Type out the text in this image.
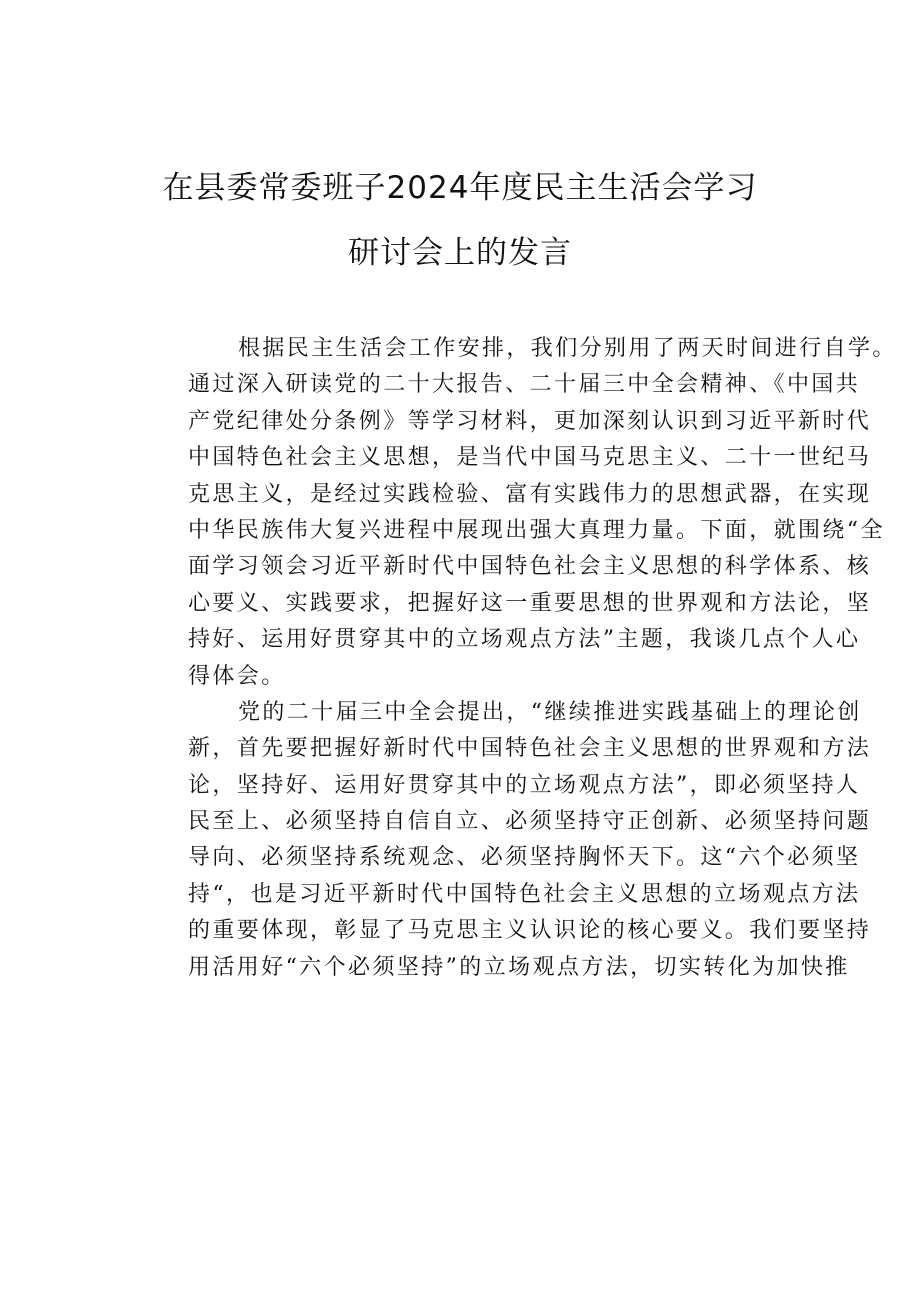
在县委常委班子2024年度民主生活会学习
研讨会上的发言
根据民主生活会工作安排，我们分别用了两天时间进行自学。
通过深入研读党的二十大报告、二十届三中全会精神、《中国共
产党纪律处分条例》等学习材料，更加深刻认识到习近平新时代
中国特色社会主义思想，是当代中国马克思主义、二十一世纪马
克思主义，是经过实践检验、富有实践伟力的思想武器，在实现
中华民族伟大复兴进程中展现出强大真理力量。下面，就围绕“全
面学习领会习近平新时代中国特色社会主义思想的科学体系、核
心要义、实践要求，把握好这一重要思想的世界观和方法论，坚
持好、运用好贯穿其中的立场观点方法”主题，我谈几点个人心
得体会。
党的二十届三中全会提出，“继续推进实践基础上的理论创
新，首先要把握好新时代中国特色社会主义思想的世界观和方法
论，坚持好、运用好贯穿其中的立场观点方法”，即必须坚持人
民至上、必须坚持自信自立、必须坚持守正创新、必须坚持问题
导向、必须坚持系统观念、必须坚持胸怀天下。这“六个必须坚
持“，也是习近平新时代中国特色社会主义思想的立场观点方法
的重要体现，彰显了马克思主义认识论的核心要义。我们要坚持
用活用好“六个必须坚持”的立场观点方法，切实转化为加快推
